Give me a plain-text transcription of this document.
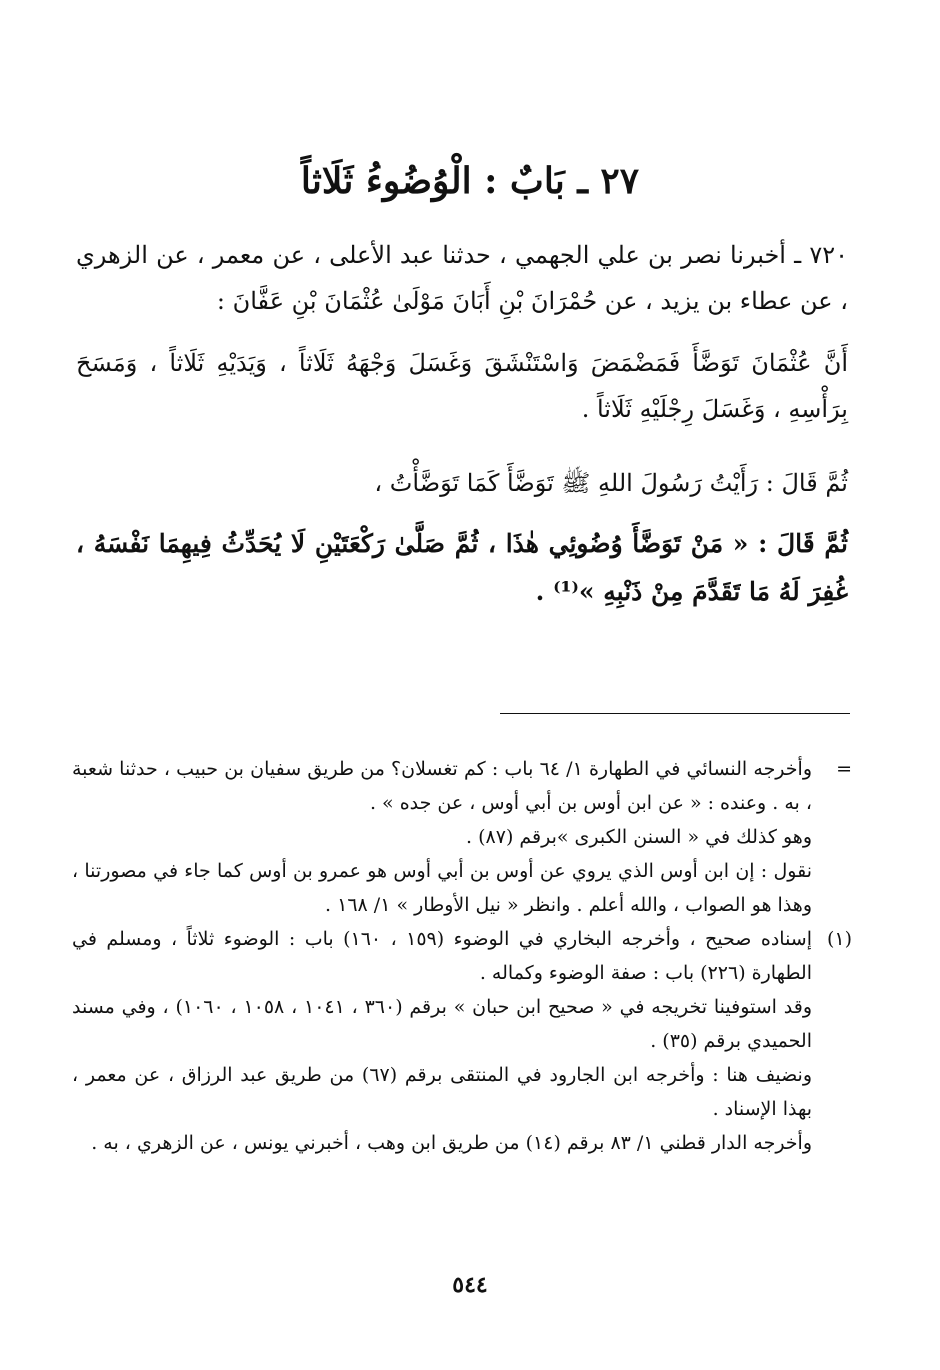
٢٧ ـ بَابٌ : الْوُضُوءُ ثَلَاثاً

٧٢٠ ـ أخبرنا نصر بن علي الجهمي ، حدثنا عبد الأعلى ، عن معمر ، عن الزهري ، عن عطاء بن يزيد ، عن حُمْرَانَ بْنِ أَبَانَ مَوْلَىٰ عُثْمَانَ بْنِ عَفَّانَ :

أَنَّ عُثْمَانَ تَوَضَّأَ فَمَضْمَضَ وَاسْتَنْشَقَ وَغَسَلَ وَجْهَهُ ثَلَاثاً ، وَيَدَيْهِ ثَلَاثاً ، وَمَسَحَ بِرَأْسِهِ ، وَغَسَلَ رِجْلَيْهِ ثَلَاثاً .

ثُمَّ قَالَ : رَأَيْتُ رَسُولَ اللهِ ﷺ تَوَضَّأَ كَمَا تَوَضَّأْتُ ،

ثُمَّ قَالَ : « مَنْ تَوَضَّأَ وُضُوئِي هٰذَا ، ثُمَّ صَلَّىٰ رَكْعَتَيْنِ لَا يُحَدِّثُ فِيهِمَا نَفْسَهُ ، غُفِرَ لَهُ مَا تَقَدَّمَ مِنْ ذَنْبِهِ »⁽¹⁾ .

=
وأخرجه النسائي في الطهارة ١/ ٦٤ باب : كم تغسلان؟ من طريق سفيان بن حبيب ، حدثنا شعبة ، به . وعنده : « عن ابن أوس بن أبي أوس ، عن جده » .

وهو كذلك في « السنن الكبرى »برقم (٨٧) .

نقول : إن ابن أوس الذي يروي عن أوس بن أبي أوس هو عمرو بن أوس كما جاء في مصورتنا ، وهذا هو الصواب ، والله أعلم . وانظر « نيل الأوطار » ١/ ١٦٨ .

(١)
إسناده صحيح ، وأخرجه البخاري في الوضوء (١٥٩ ، ١٦٠) باب : الوضوء ثلاثاً ، ومسلم في الطهارة (٢٢٦) باب : صفة الوضوء وكماله .

وقد استوفينا تخريجه في « صحيح ابن حبان » برقم (٣٦٠ ، ١٠٤١ ، ١٠٥٨ ، ١٠٦٠) ، وفي مسند الحميدي برقم (٣٥) .

ونضيف هنا : وأخرجه ابن الجارود في المنتقى برقم (٦٧) من طريق عبد الرزاق ، عن معمر ، بهذا الإسناد .

وأخرجه الدار قطني ١/ ٨٣ برقم (١٤) من طريق ابن وهب ، أخبرني يونس ، عن الزهري ، به .

٥٤٤
